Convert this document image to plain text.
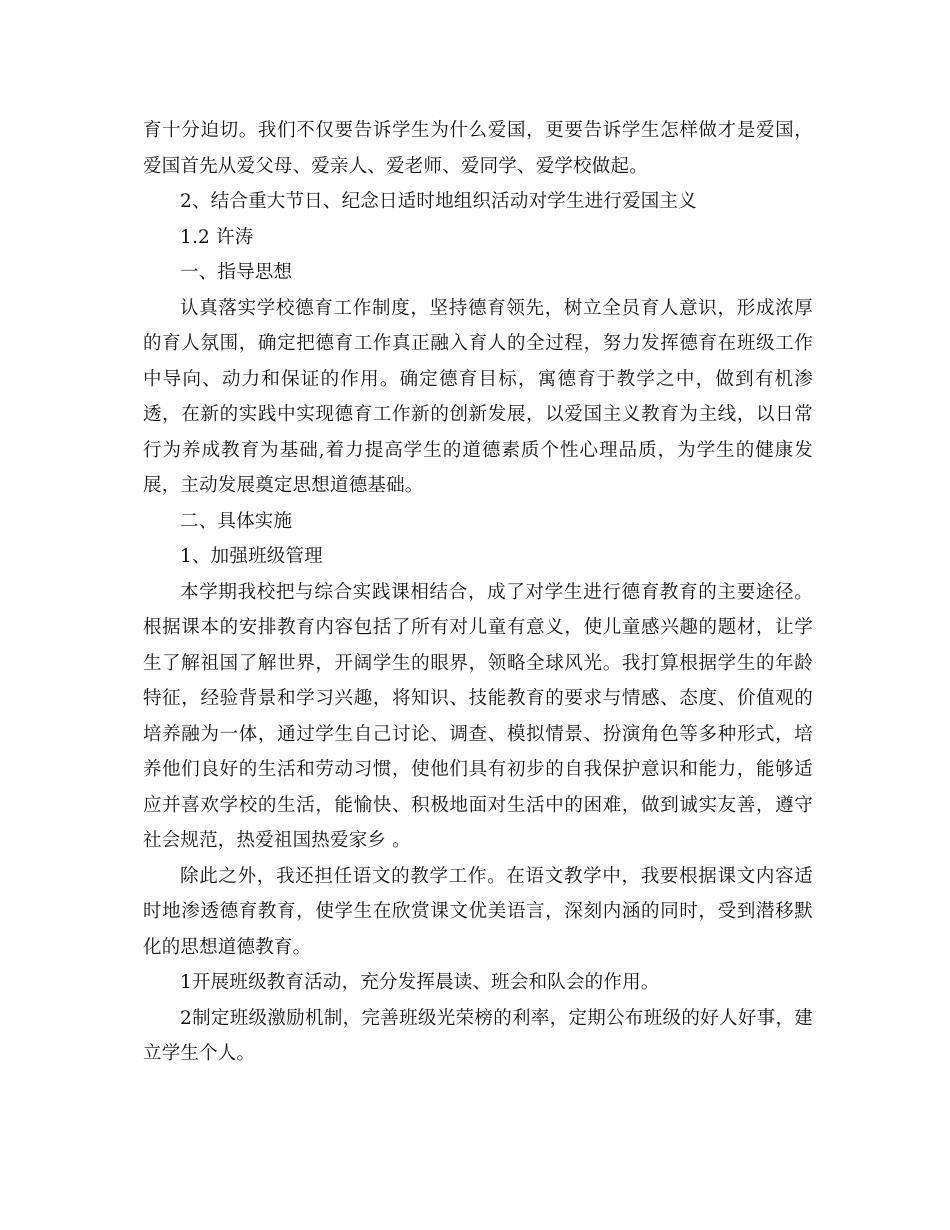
育十分迫切。我们不仅要告诉学生为什么爱国，更要告诉学生怎样做才是爱国，爱国首先从爱父母、爱亲人、爱老师、爱同学、爱学校做起。

2、结合重大节日、纪念日适时地组织活动对学生进行爱国主义

1.2 许涛

一、指导思想

认真落实学校德育工作制度，坚持德育领先，树立全员育人意识，形成浓厚的育人氛围，确定把德育工作真正融入育人的全过程，努力发挥德育在班级工作中导向、动力和保证的作用。确定德育目标，寓德育于教学之中，做到有机渗透，在新的实践中实现德育工作新的创新发展，以爱国主义教育为主线，以日常行为养成教育为基础,着力提高学生的道德素质个性心理品质，为学生的健康发展，主动发展奠定思想道德基础。

二、具体实施

1、加强班级管理

本学期我校把与综合实践课相结合，成了对学生进行德育教育的主要途径。根据课本的安排教育内容包括了所有对儿童有意义，使儿童感兴趣的题材，让学生了解祖国了解世界，开阔学生的眼界，领略全球风光。我打算根据学生的年龄特征，经验背景和学习兴趣，将知识、技能教育的要求与情感、态度、价值观的培养融为一体，通过学生自己讨论、调查、模拟情景、扮演角色等多种形式，培养他们良好的生活和劳动习惯，使他们具有初步的自我保护意识和能力，能够适应并喜欢学校的生活，能愉快、积极地面对生活中的困难，做到诚实友善，遵守社会规范，热爱祖国热爱家乡 。

除此之外，我还担任语文的教学工作。在语文教学中，我要根据课文内容适时地渗透德育教育，使学生在欣赏课文优美语言，深刻内涵的同时，受到潜移默化的思想道德教育。

1开展班级教育活动，充分发挥晨读、班会和队会的作用。

2制定班级激励机制，完善班级光荣榜的利率，定期公布班级的好人好事，建立学生个人。
